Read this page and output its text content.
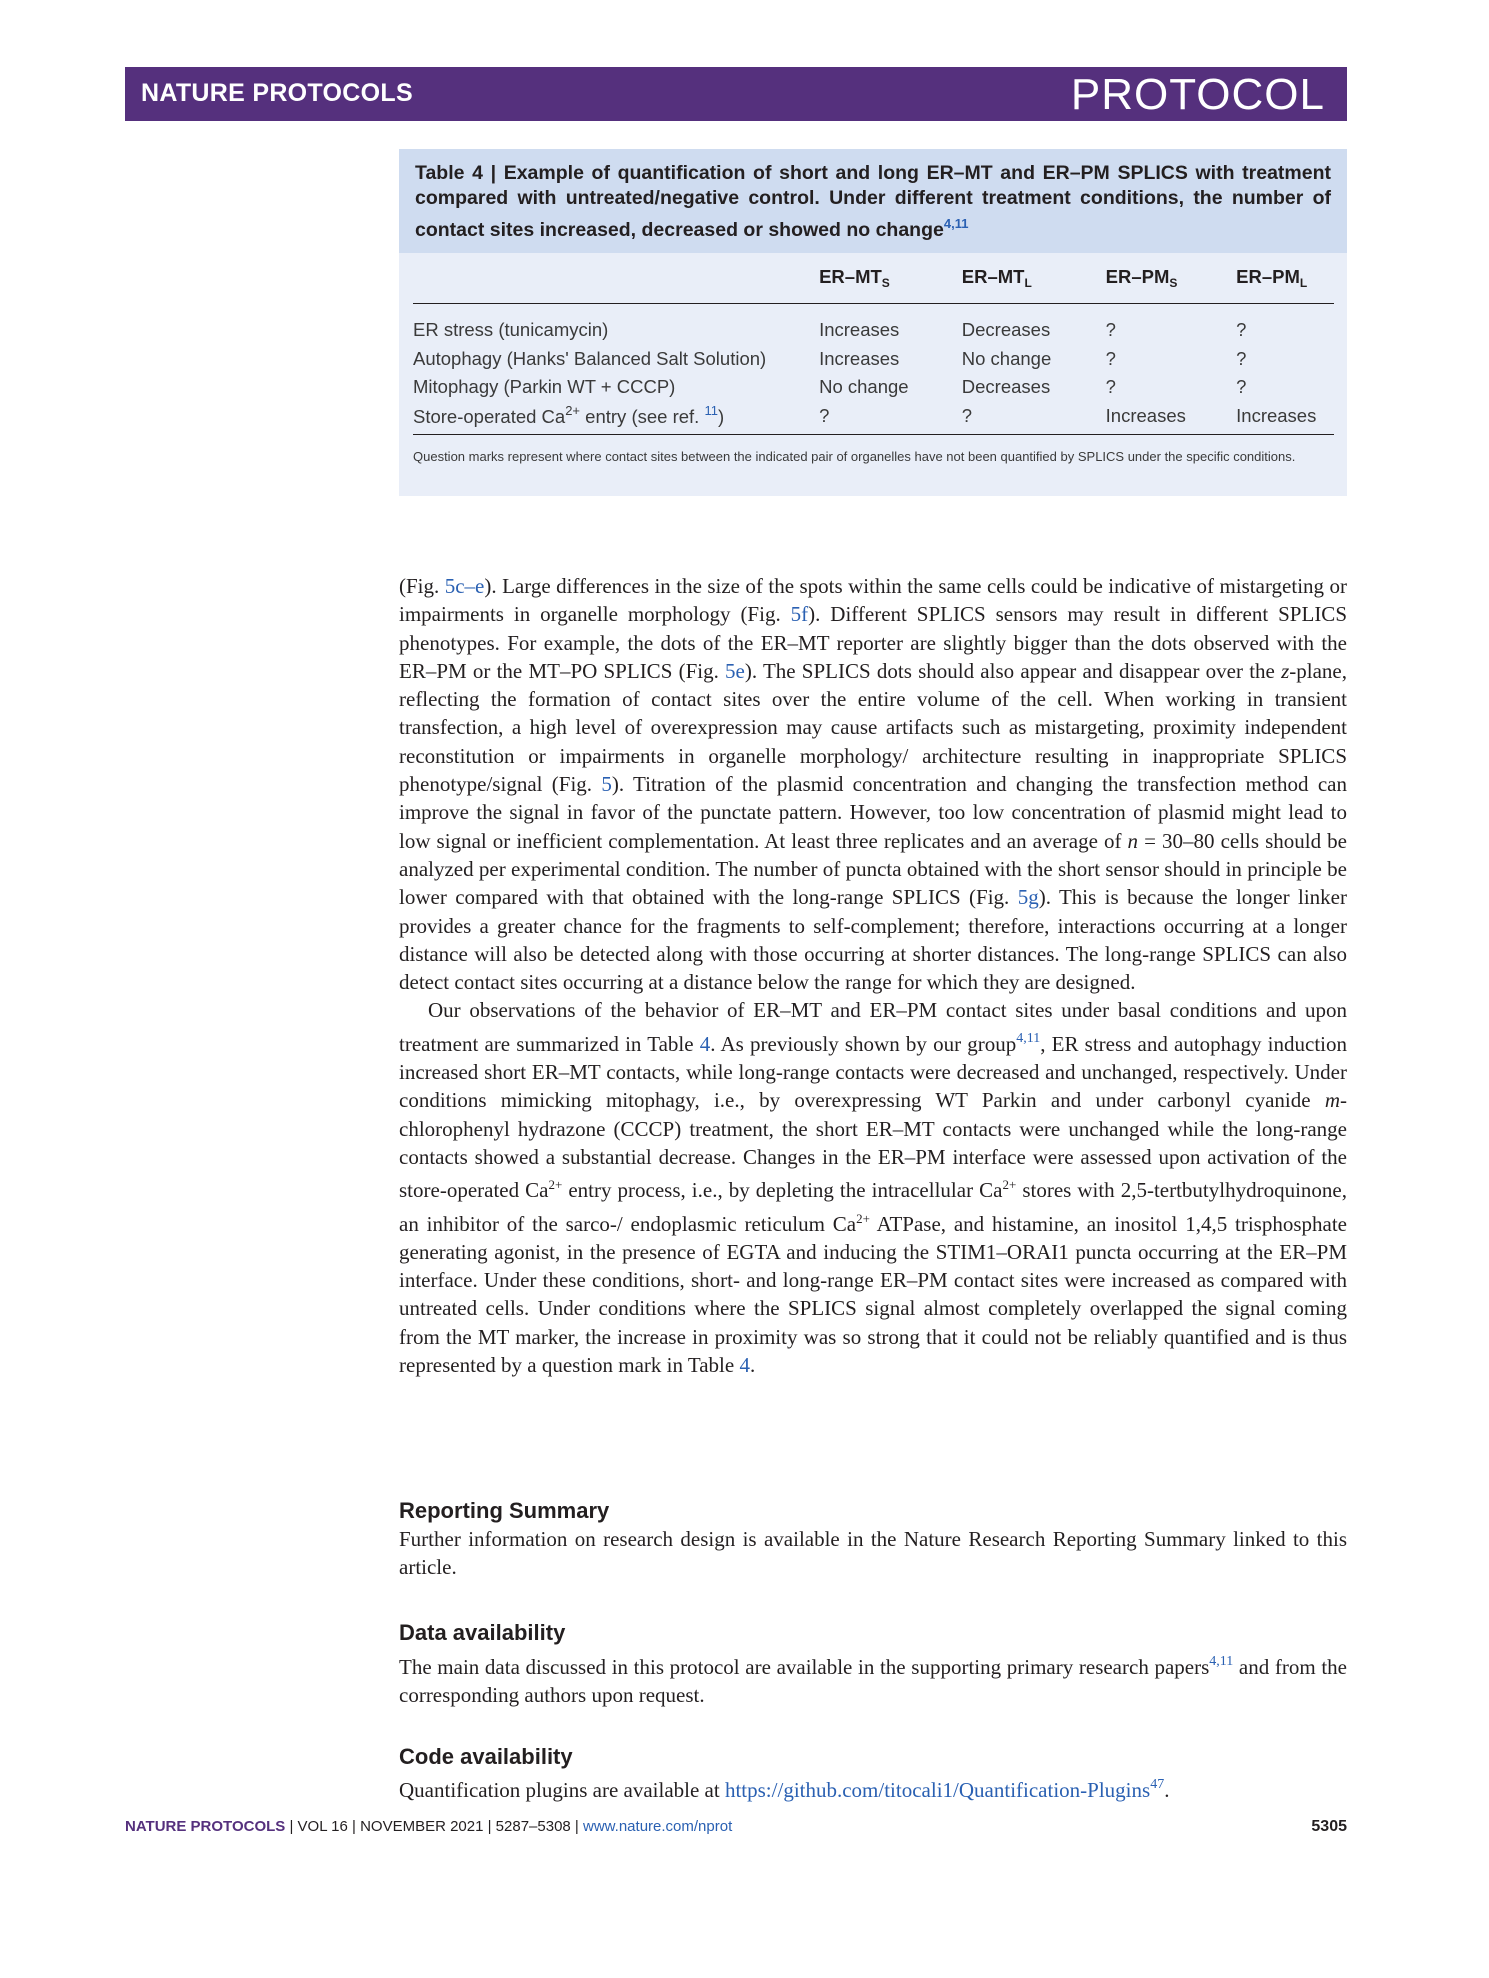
NATURE PROTOCOLS	PROTOCOL
Table 4 | Example of quantification of short and long ER–MT and ER–PM SPLICS with treatment compared with untreated/negative control. Under different treatment conditions, the number of contact sites increased, decreased or showed no change$^{4,11}$
	$ER-MT_S$	$ER-MT_L$	$ER-PM_S$	$ER-PM_L$
ER stress (tunicamycin)	Increases	Decreases	?	?
Autophagy (Hanks' Balanced Salt Solution)	Increases	No change	?	?
Mitophagy (Parkin WT + CCCP)	No change	Decreases	?	?
Store-operated $Ca^{2+}$ entry (see ref. $^{11}$)	?	?	Increases	Increases
Question marks represent where contact sites between the indicated pair of organelles have not been quantified by SPLICS under the specific conditions.

(Fig. 5c–e). Large differences in the size of the spots within the same cells could be indicative of mistargeting or impairments in organelle morphology (Fig. 5f). Different SPLICS sensors may result in different SPLICS phenotypes. For example, the dots of the ER–MT reporter are slightly bigger than the dots observed with the ER–PM or the MT–PO SPLICS (Fig. 5e). The SPLICS dots should also appear and disappear over the z-plane, reflecting the formation of contact sites over the entire volume of the cell. When working in transient transfection, a high level of overexpression may cause artifacts such as mistargeting, proximity independent reconstitution or impairments in organelle morphology/ architecture resulting in inappropriate SPLICS phenotype/signal (Fig. 5). Titration of the plasmid concentration and changing the transfection method can improve the signal in favor of the punctate pattern. However, too low concentration of plasmid might lead to low signal or inefficient complementation. At least three replicates and an average of n = 30–80 cells should be analyzed per experimental condition. The number of puncta obtained with the short sensor should in principle be lower compared with that obtained with the long-range SPLICS (Fig. 5g). This is because the longer linker provides a greater chance for the fragments to self-complement; therefore, interactions occurring at a longer distance will also be detected along with those occurring at shorter distances. The long-range SPLICS can also detect contact sites occurring at a distance below the range for which they are designed.

Our observations of the behavior of ER–MT and ER–PM contact sites under basal conditions and upon treatment are summarized in Table 4. As previously shown by our group$^{4,11}$, ER stress and autophagy induction increased short ER–MT contacts, while long-range contacts were decreased and unchanged, respectively. Under conditions mimicking mitophagy, i.e., by overexpressing WT Parkin and under carbonyl cyanide m-chlorophenyl hydrazone (CCCP) treatment, the short ER–MT contacts were unchanged while the long-range contacts showed a substantial decrease. Changes in the ER–PM interface were assessed upon activation of the store-operated $Ca^{2+}$ entry process, i.e., by depleting the intracellular $Ca^{2+}$ stores with 2,5-tertbutylhydroquinone, an inhibitor of the sarco-/ endoplasmic reticulum $Ca^{2+}$ ATPase, and histamine, an inositol 1,4,5 trisphosphate generating agonist, in the presence of EGTA and inducing the STIM1–ORAI1 puncta occurring at the ER–PM interface. Under these conditions, short- and long-range ER–PM contact sites were increased as compared with untreated cells. Under conditions where the SPLICS signal almost completely overlapped the signal coming from the MT marker, the increase in proximity was so strong that it could not be reliably quantified and is thus represented by a question mark in Table 4.

Reporting Summary
Further information on research design is available in the Nature Research Reporting Summary linked to this article.
Data availability
The main data discussed in this protocol are available in the supporting primary research papers$^{4,11}$ and from the corresponding authors upon request.
Code availability
Quantification plugins are available at https://github.com/titocali1/Quantification-Plugins$^{47}$.
NATURE PROTOCOLS | VOL 16 | NOVEMBER 2021 | 5287–5308 | www.nature.com/nprot	5305
